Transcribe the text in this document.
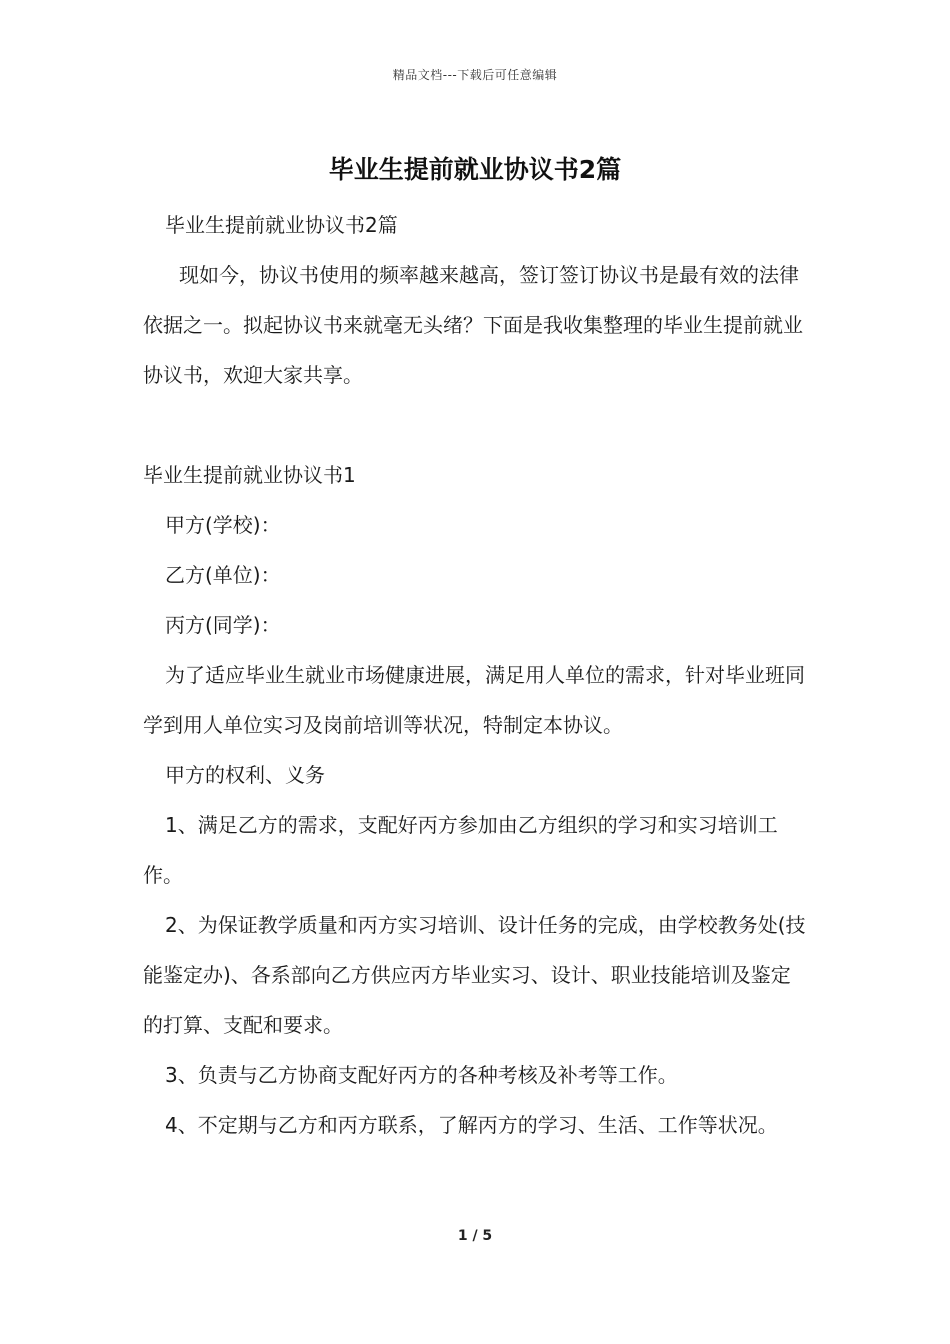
精品文档---下载后可任意编辑
毕业生提前就业协议书2篇

毕业生提前就业协议书2篇

现如今，协议书使用的频率越来越高，签订签订协议书是最有效的法律依据之一。拟起协议书来就毫无头绪？下面是我收集整理的毕业生提前就业协议书，欢迎大家共享。

毕业生提前就业协议书1

甲方(学校)：

乙方(单位)：

丙方(同学)：

为了适应毕业生就业市场健康进展，满足用人单位的需求，针对毕业班同学到用人单位实习及岗前培训等状况，特制定本协议。

甲方的权利、义务

1、满足乙方的需求，支配好丙方参加由乙方组织的学习和实习培训工作。

2、为保证教学质量和丙方实习培训、设计任务的完成，由学校教务处(技能鉴定办)、各系部向乙方供应丙方毕业实习、设计、职业技能培训及鉴定的打算、支配和要求。

3、负责与乙方协商支配好丙方的各种考核及补考等工作。

4、不定期与乙方和丙方联系，了解丙方的学习、生活、工作等状况。

1 / 5
